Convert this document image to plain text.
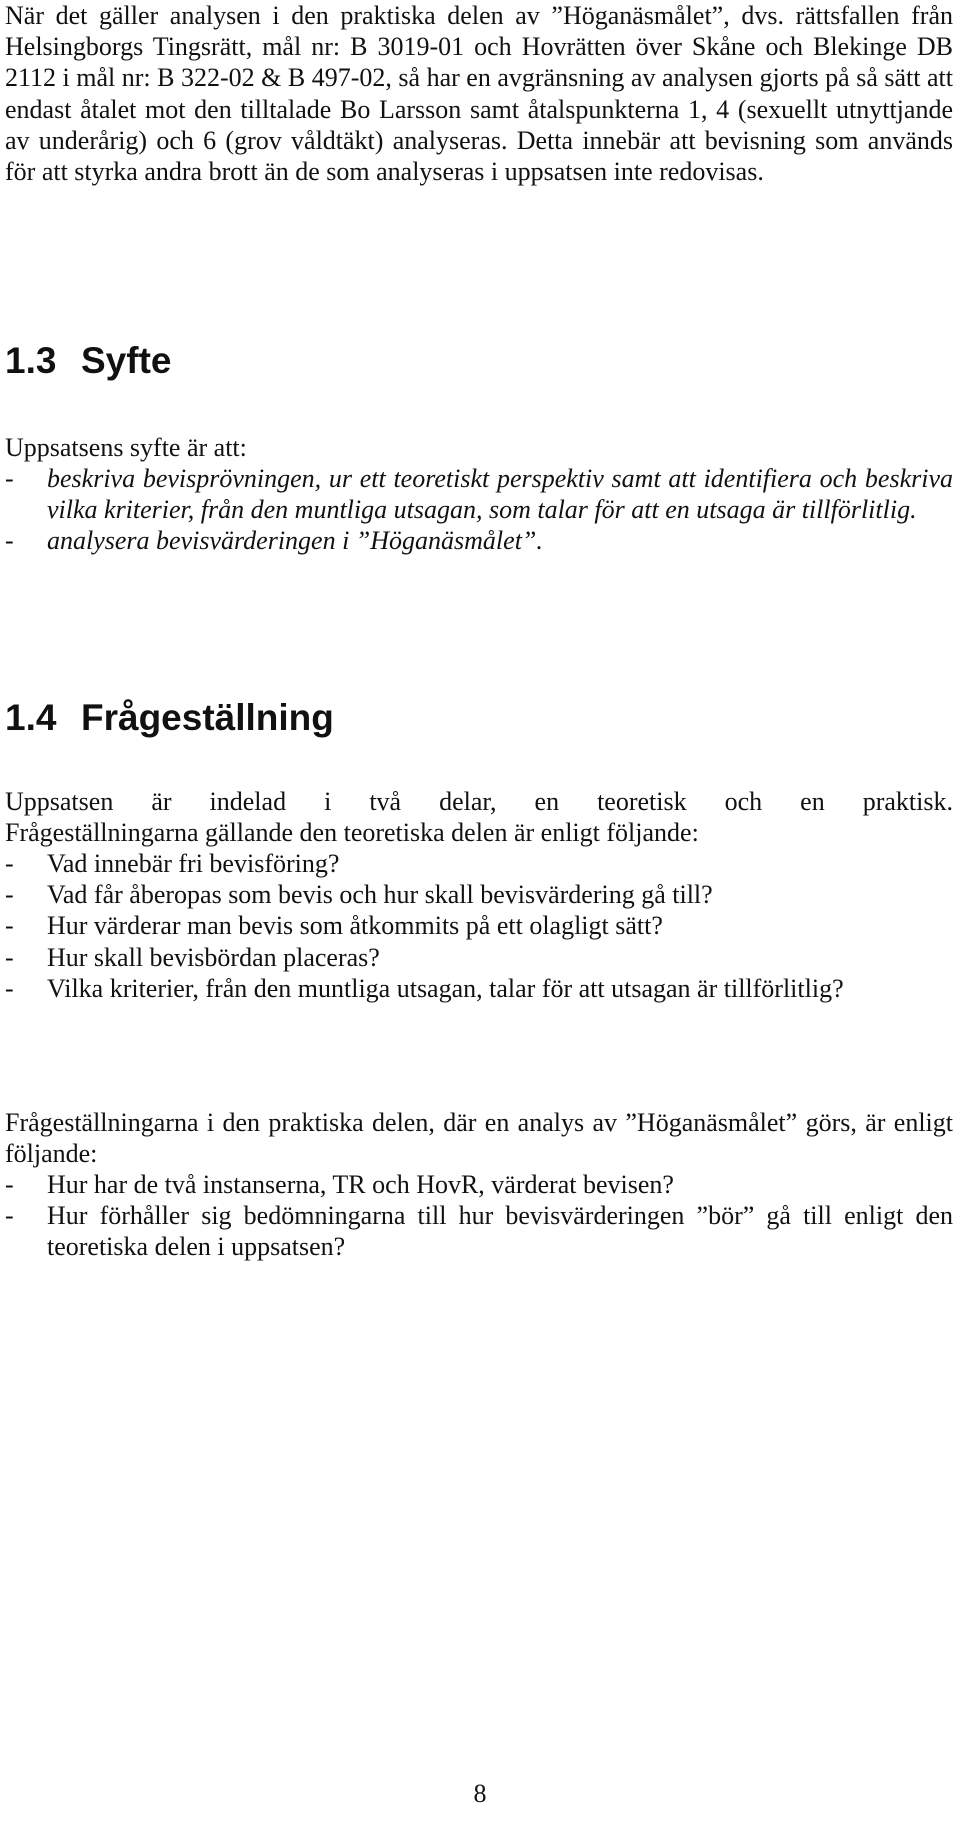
När det gäller analysen i den praktiska delen av ”Höganäsmålet”, dvs. rättsfallen från Helsingborgs Tingsrätt, mål nr: B 3019-01 och Hovrätten över Skåne och Blekinge DB 2112 i mål nr: B 322-02 & B 497-02, så har en avgränsning av analysen gjorts på så sätt att endast åtalet mot den tilltalade Bo Larsson samt åtalspunkterna 1, 4 (sexuellt utnyttjande av underårig) och 6 (grov våldtäkt) analyseras. Detta innebär att bevisning som används för att styrka andra brott än de som analyseras i uppsatsen inte redovisas.

1.3 Syfte

Uppsatsens syfte är att:

- beskriva bevisprövningen, ur ett teoretiskt perspektiv samt att identifiera och beskriva vilka kriterier, från den muntliga utsagan, som talar för att en utsaga är tillförlitlig.
- analysera bevisvärderingen i ”Höganäsmålet”.
1.4 Frågeställning

Uppsatsen är indelad i två delar, en teoretisk och en praktisk.
Frågeställningarna gällande den teoretiska delen är enligt följande:

- Vad innebär fri bevisföring?
- Vad får åberopas som bevis och hur skall bevisvärdering gå till?
- Hur värderar man bevis som åtkommits på ett olagligt sätt?
- Hur skall bevisbördan placeras?
- Vilka kriterier, från den muntliga utsagan, talar för att utsagan är tillförlitlig?

Frågeställningarna i den praktiska delen, där en analys av ”Höganäsmålet” görs, är enligt följande:

- Hur har de två instanserna, TR och HovR, värderat bevisen?
- Hur förhåller sig bedömningarna till hur bevisvärderingen ”bör” gå till enligt den teoretiska delen i uppsatsen?

8
